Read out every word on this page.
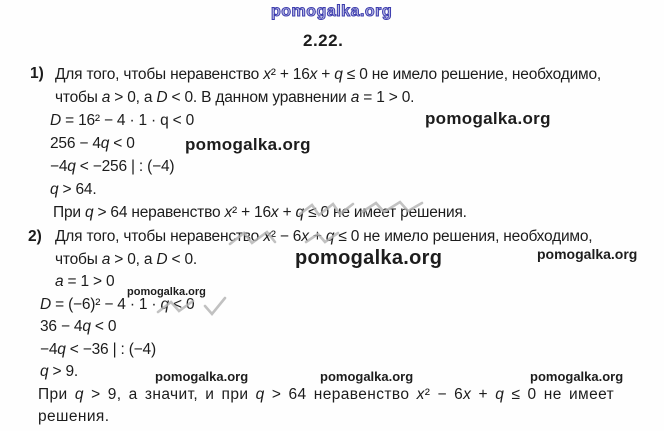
pomogalka.org
2.22.
1) Для того, чтобы неравенство x² + 16x + q ≤ 0 не имело решение, необходимо,
чтобы a > 0, а D < 0. В данном уравнении a = 1 > 0.
D = 16² − 4 · 1 · q < 0
256 − 4q < 0
−4q < −256 | : (−4)
q > 64.
При q > 64 неравенство x² + 16x + q ≤ 0 не имеет решения.
2) Для того, чтобы неравенство x² − 6x + q ≤ 0 не имело решения, необходимо,
чтобы a > 0, а D < 0.
a = 1 > 0
D = (−6)² − 4 · 1 · q < 0
36 − 4q < 0
−4q < −36 | : (−4)
q > 9.
При q > 9, а значит, и при q > 64 неравенство x² − 6x + q ≤ 0 не имеет
решения.
pomogalka.org
pomogalka.org
pomogalka.org	pomogalka.org
pomogalka.org
pomogalka.org	pomogalka.org	pomogalka.org
